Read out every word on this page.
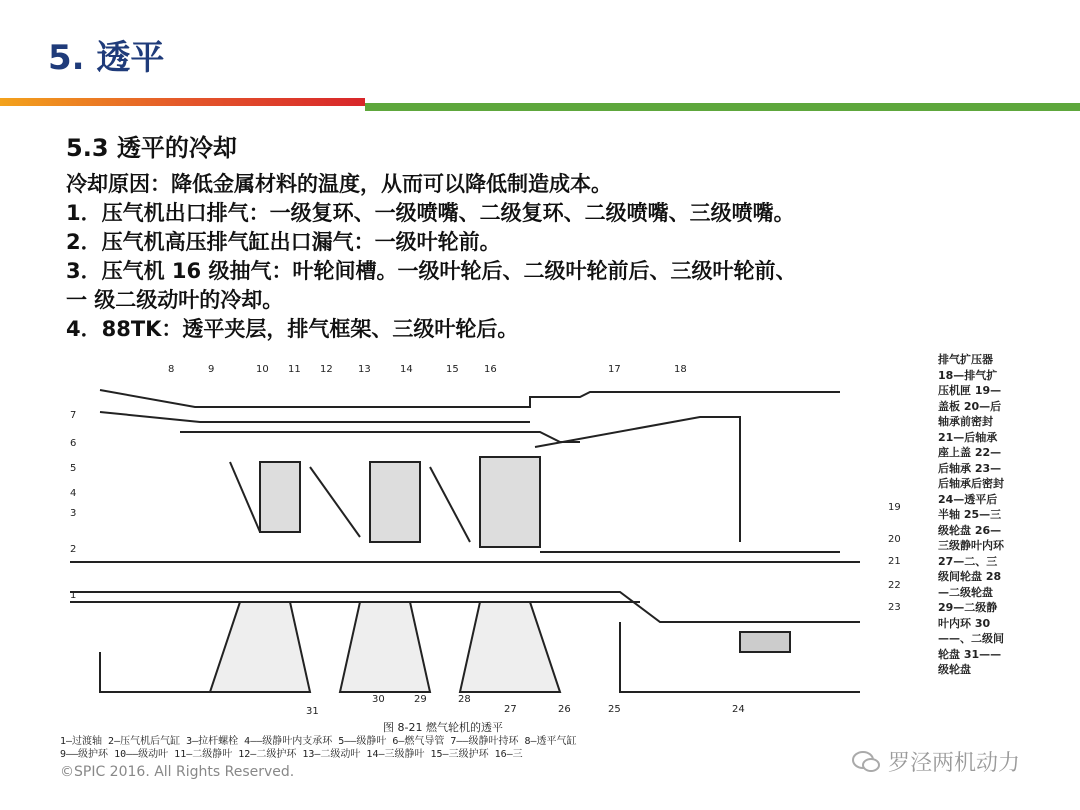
5. 透平
5.3 透平的冷却
冷却原因：降低金属材料的温度，从而可以降低制造成本。
1．压气机出口排气：一级复环、一级喷嘴、二级复环、二级喷嘴、三级喷嘴。
2．压气机高压排气缸出口漏气：一级叶轮前。
3．压气机 16 级抽气：叶轮间槽。一级叶轮后、二级叶轮前后、三级叶轮前、
一 级二级动叶的冷却。
4．88TK：透平夹层，排气框架、三级叶轮后。
8	9	10 11 12	13	14	15	16	17	18
7
6
5
4
3
2
1
19
20
21
22
23
31
30	29	28
27	26	25	24
排气扩压器 18—排气扩压机匣 19—盖板 20—后轴承前密封 21—后轴承座上盖 22—后轴承 23—后轴承后密封 24—透平后半轴 25—三级轮盘 26—三级静叶内环 27—二、三级间轮盘 28—二级轮盘 29—二级静叶内环 30——、二级间轮盘 31——级轮盘
图 8-21 燃气轮机的透平
1—过渡轴 2—压气机后气缸 3—拉杆螺栓 4——级静叶内支承环 5——级静叶 6—燃气导管 7——级静叶持环 8—透平气缸
9——级护环 10——级动叶 11—二级静叶 12—二级护环 13—二级动叶 14—三级静叶 15—三级护环 16—三
©SPIC 2016. All Rights Reserved.	罗泾两机动力
